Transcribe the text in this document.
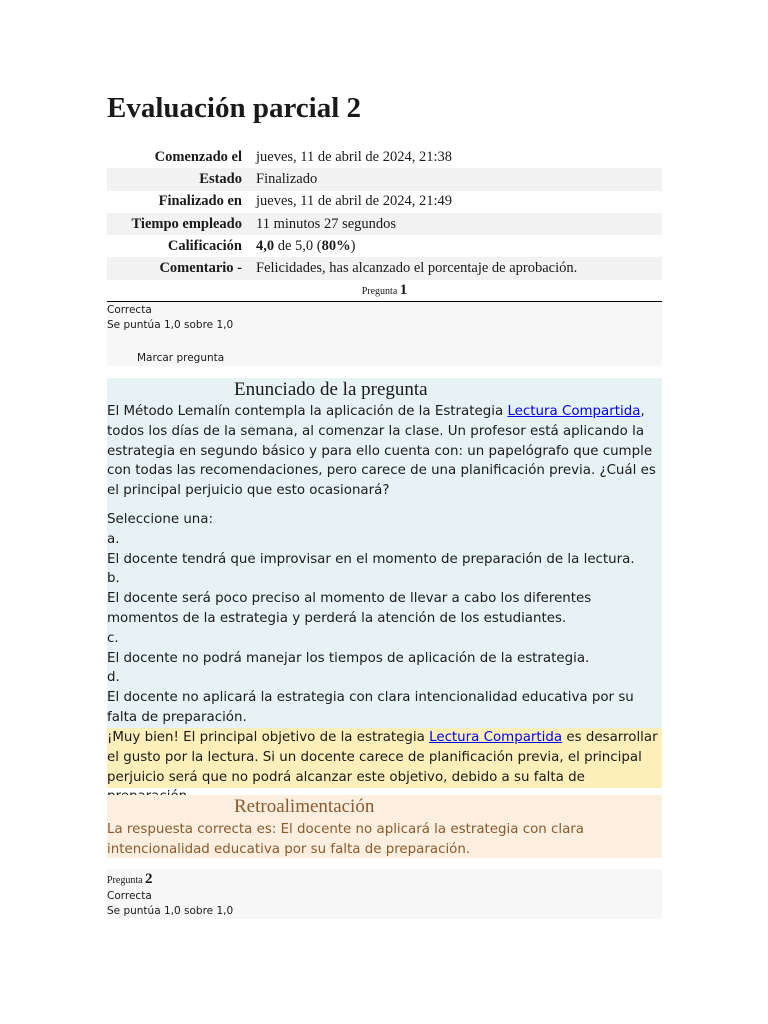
Evaluación parcial 2
Comenzado el	jueves, 11 de abril de 2024, 21:38
Estado	Finalizado
Finalizado en	jueves, 11 de abril de 2024, 21:49
Tiempo empleado	11 minutos 27 segundos
Calificación	4,0 de 5,0 (80%)
Comentario -	Felicidades, has alcanzado el porcentaje de aprobación.
Pregunta 1
Correcta
Se puntúa 1,0 sobre 1,0
Marcar pregunta
Enunciado de la pregunta

El Método Lemalín contempla la aplicación de la Estrategia Lectura Compartida, todos los días de la semana, al comenzar la clase. Un profesor está aplicando la estrategia en segundo básico y para ello cuenta con: un papelógrafo que cumple con todas las recomendaciones, pero carece de una planificación previa. ¿Cuál es el principal perjuicio que esto ocasionará?

Seleccione una:

a.
El docente tendrá que improvisar en el momento de preparación de la lectura.
b.
El docente será poco preciso al momento de llevar a cabo los diferentes momentos de la estrategia y perderá la atención de los estudiantes.
c.
El docente no podrá manejar los tiempos de aplicación de la estrategia.
d.
El docente no aplicará la estrategia con clara intencionalidad educativa por su falta de preparación.
¡Muy bien! El principal objetivo de la estrategia Lectura Compartida es desarrollar el gusto por la lectura. Si un docente carece de planificación previa, el principal perjuicio será que no podrá alcanzar este objetivo, debido a su falta de
Retroalimentación
La respuesta correcta es: El docente no aplicará la estrategia con clara intencionalidad educativa por su falta de preparación.
Pregunta 2
Correcta
Se puntúa 1,0 sobre 1,0
